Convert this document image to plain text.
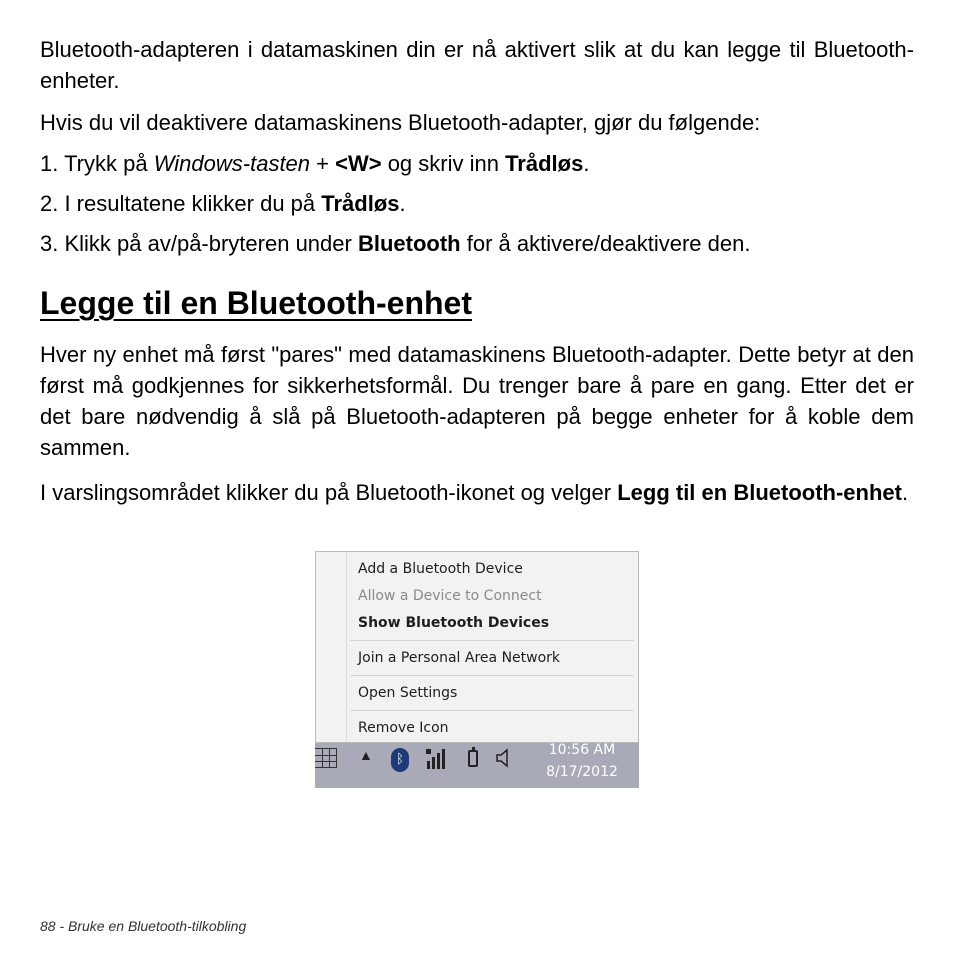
Bluetooth-adapteren i datamaskinen din er nå aktivert slik at du kan legge til Bluetooth-enheter.

Hvis du vil deaktivere datamaskinens Bluetooth-adapter, gjør du følgende:

1. Trykk på Windows-tasten + <W> og skriv inn Trådløs.

2. I resultatene klikker du på Trådløs.

3. Klikk på av/på-bryteren under Bluetooth for å aktivere/deaktivere den.

Legge til en Bluetooth-enhet

Hver ny enhet må først "pares" med datamaskinens Bluetooth-adapter. Dette betyr at den først må godkjennes for sikkerhetsformål. Du trenger bare å pare en gang. Etter det er det bare nødvendig å slå på Bluetooth-adapteren på begge enheter for å koble dem sammen.

I varslingsområdet klikker du på Bluetooth-ikonet og velger Legg til en Bluetooth-enhet.

Add a Bluetooth Device
Allow a Device to Connect
Show Bluetooth Devices
Join a Personal Area Network
Open Settings
Remove Icon
▲	ᛒ
10:56 AM
8/17/2012
88 - Bruke en Bluetooth-tilkobling
